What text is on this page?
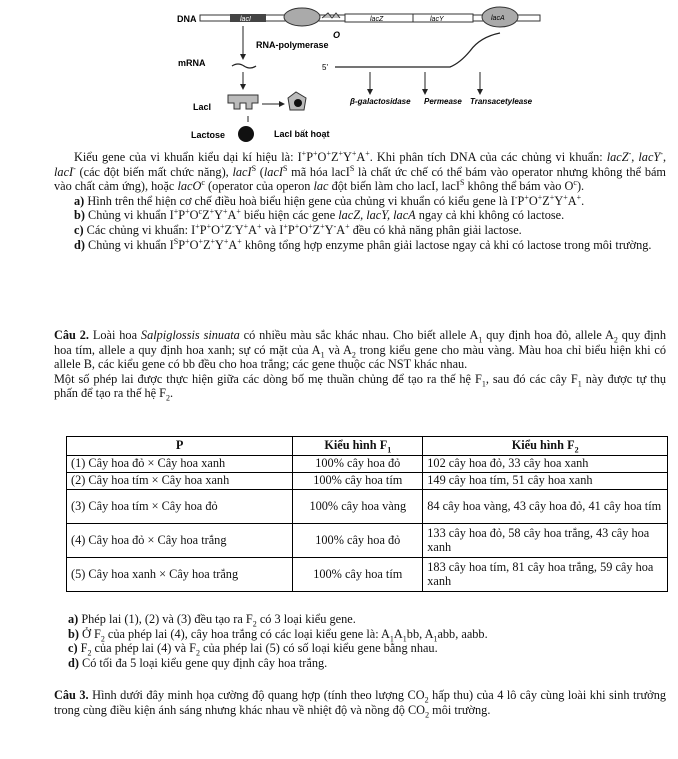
DNA	lacI	lacZ	lacY	lacA
O
RNA-polymerase
mRNA	5'
β-galactosidase Permease Transacetylease
LacI
Lactose	LacI bất hoạt

Kiểu gene của vi khuẩn kiểu dại kí hiệu là: I+P+O+Z+Y+A+. Khi phân tích DNA của các chủng vi khuẩn: lacZ-, lacY-, lacI- (các đột biến mất chức năng), lacI$^S$ (lacI$^S$ mã hóa lacI$^S$ là chất ức chế có thể bám vào operator nhưng không thể bám vào chất cảm ứng), hoặc lacO$^c$ (operator của operon lac đột biến làm cho lacI, lacI$^S$ không thể bám vào $O^c$).

a) Hình trên thể hiện cơ chế điều hoà biểu hiện gene của chủng vi khuẩn có kiểu gene là I-P+O+Z+Y+A+.

b) Chủng vi khuẩn $I^+P^+O^cZ^+Y^+A^+$ biểu hiện các gene lacZ, lacY, lacA ngay cả khi không có lactose.

c) Các chủng vi khuẩn: I+P+O+Z-Y+A+ và I+P+O+Z+Y-A+ đều có khả năng phân giải lactose.

d) Chủng vi khuẩn $I^SP^+O^+Z^+Y^+A^+$ không tổng hợp enzyme phân giải lactose ngay cả khi có lactose trong môi trường.

Câu 2. Loài hoa Salpiglossis sinuata có nhiều màu sắc khác nhau. Cho biết allele $A_1$ quy định hoa đỏ, allele $A_2$ quy định hoa tím, allele a quy định hoa xanh; sự có mặt của $A_1$ và $A_2$ trong kiểu gene cho màu vàng. Màu hoa chỉ biểu hiện khi có allele B, các kiểu gene có bb đều cho hoa trắng; các gene thuộc các NST khác nhau.

Một số phép lai được thực hiện giữa các dòng bố mẹ thuần chủng để tạo ra thế hệ $F_1$, sau đó các cây $F_1$ này được tự thụ phấn để tạo ra thế hệ $F_2$.

P	Kiểu hình $F_1$	Kiểu hình $F_2$
(1) Cây hoa đỏ × Cây hoa xanh	100% cây hoa đỏ	102 cây hoa đỏ, 33 cây hoa xanh
(2) Cây hoa tím × Cây hoa xanh	100% cây hoa tím	149 cây hoa tím, 51 cây hoa xanh
(3) Cây hoa tím × Cây hoa đỏ	100% cây hoa vàng	84 cây hoa vàng, 43 cây hoa đỏ, 41 cây hoa tím
(4) Cây hoa đỏ × Cây hoa trắng	100% cây hoa đỏ	133 cây hoa đỏ, 58 cây hoa trắng, 43 cây hoa xanh
(5) Cây hoa xanh × Cây hoa trắng	100% cây hoa tím	183 cây hoa tím, 81 cây hoa trắng, 59 cây hoa xanh

a) Phép lai (1), (2) và (3) đều tạo ra $F_2$ có 3 loại kiểu gene.

b) Ở $F_2$ của phép lai (4), cây hoa trắng có các loại kiểu gene là: $A_1A_1bb$, $A_1abb$, aabb.

c) $F_2$ của phép lai (4) và $F_2$ của phép lai (5) có số loại kiểu gene bằng nhau.

d) Có tối đa 5 loại kiểu gene quy định cây hoa trắng.

Câu 3. Hình dưới đây minh họa cường độ quang hợp (tính theo lượng $CO_2$ hấp thu) của 4 lô cây cùng loài khi sinh trưởng trong cùng điều kiện ánh sáng nhưng khác nhau về nhiệt độ và nồng độ $CO_2$ môi trường.
